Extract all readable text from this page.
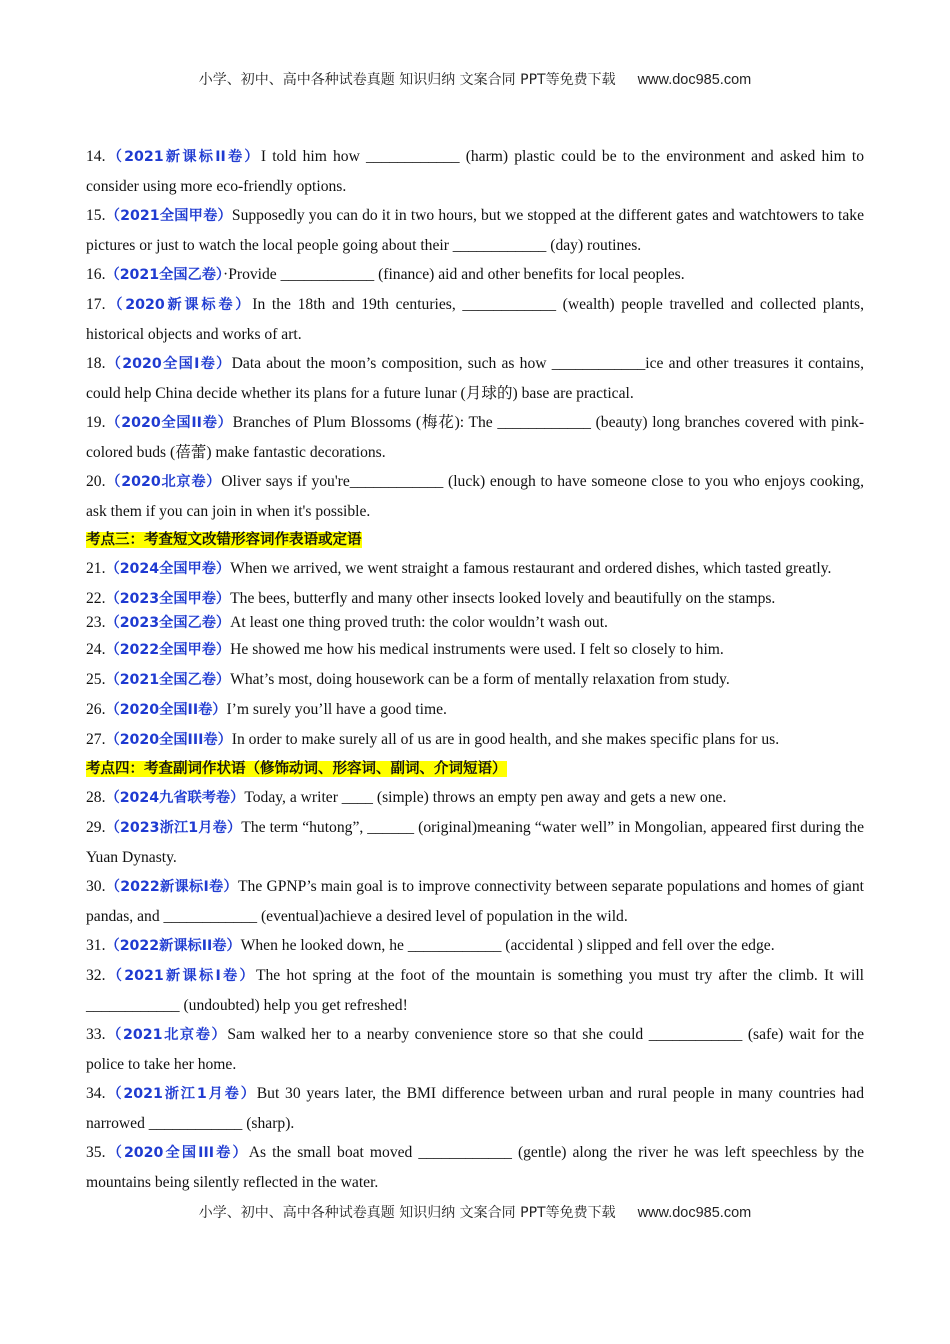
小学、初中、高中各种试卷真题 知识归纳 文案合同 PPT等免费下载 www.doc985.com
14.（2021新课标II卷）I told him how ____________ (harm) plastic could be to the environment and asked him to consider using more eco-friendly options.
15.（2021全国甲卷）Supposedly you can do it in two hours, but we stopped at the different gates and watchtowers to take pictures or just to watch the local people going about their ____________ (day) routines.
16.（2021全国乙卷）·Provide ____________ (finance) aid and other benefits for local peoples.
17.（2020新课标卷）In the 18th and 19th centuries, ____________ (wealth) people travelled and collected plants, historical objects and works of art.
18.（2020全国I卷）Data about the moon’s composition, such as how ____________ice and other treasures it contains, could help China decide whether its plans for a future lunar (月球的) base are practical.
19.（2020全国II卷）Branches of Plum Blossoms (梅花): The ____________ (beauty) long branches covered with pink-colored buds (蓓蕾) make fantastic decorations.
20.（2020北京卷）Oliver says if you're____________ (luck) enough to have someone close to you who enjoys cooking, ask them if you can join in when it's possible.
考点三：考查短文改错形容词作表语或定语
21.（2024全国甲卷）When we arrived, we went straight a famous restaurant and ordered dishes, which tasted greatly.
22.（2023全国甲卷）The bees, butterfly and many other insects looked lovely and beautifully on the stamps.
23.（2023全国乙卷）At least one thing proved truth: the color wouldn’t wash out.
24.（2022全国甲卷）He showed me how his medical instruments were used. I felt so closely to him.
25.（2021全国乙卷）What’s most, doing housework can be a form of mentally relaxation from study.
26.（2020全国II卷）I’m surely you’ll have a good time.
27.（2020全国III卷）In order to make surely all of us are in good health, and she makes specific plans for us.
考点四：考查副词作状语（修饰动词、形容词、副词、介词短语）
28.（2024九省联考卷）Today, a writer ____ (simple) throws an empty pen away and gets a new one.
29.（2023浙江1月卷）The term “hutong”, ______ (original)meaning “water well” in Mongolian, appeared first during the Yuan Dynasty.
30.（2022新课标I卷）The GPNP’s main goal is to improve connectivity between separate populations and homes of giant pandas, and ____________ (eventual)achieve a desired level of population in the wild.
31.（2022新课标II卷）When he looked down, he ____________ (accidental ) slipped and fell over the edge.
32.（2021新课标I卷）The hot spring at the foot of the mountain is something you must try after the climb. It will ____________ (undoubted) help you get refreshed!
33.（2021北京卷）Sam walked her to a nearby convenience store so that she could ____________ (safe) wait for the police to take her home.
34.（2021浙江1月卷）But 30 years later, the BMI difference between urban and rural people in many countries had narrowed ____________ (sharp).
35.（2020全国III卷）As the small boat moved ____________ (gentle) along the river he was left speechless by the mountains being silently reflected in the water.
小学、初中、高中各种试卷真题 知识归纳 文案合同 PPT等免费下载 www.doc985.com
